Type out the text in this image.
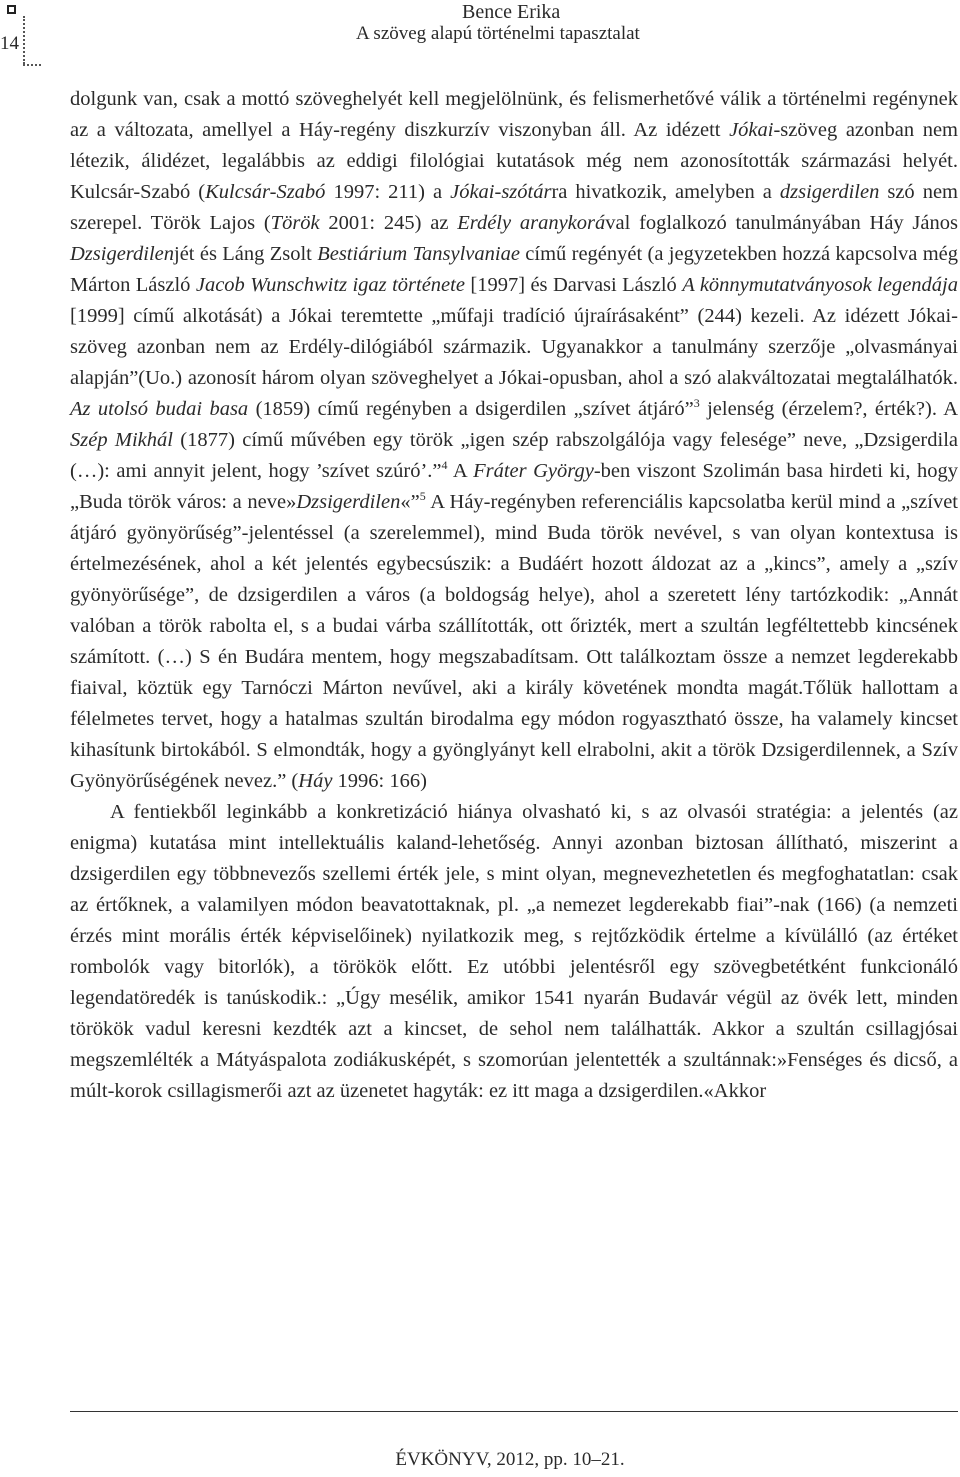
14
Bence Erika
A szöveg alapú történelmi tapasztalat

dolgunk van, csak a mottó szöveghelyét kell megjelölnünk, és felismerhetővé válik a történelmi regénynek az a változata, amellyel a Háy-regény diszkurzív viszonyban áll. Az idézett Jókai-szöveg azonban nem létezik, álidézet, legalábbis az eddigi filológiai kutatások még nem azonosították származási helyét. Kulcsár-Szabó (Kulcsár-Szabó 1997: 211) a Jókai-szótárra hivatkozik, amelyben a dzsigerdilen szó nem szerepel. Török Lajos (Török 2001: 245) az Erdély aranykorával foglalkozó tanulmányában Háy János Dzsigerdilenjét és Láng Zsolt Bestiárium Tansylvaniae című regényét (a jegyzetekben hozzá kapcsolva még Márton László Jacob Wunschwitz igaz története [1997] és Darvasi László A könnymutatványosok legendája [1999] című alkotását) a Jókai teremtette „műfaji tradíció újraírásaként” (244) kezeli. Az idézett Jókai-szöveg azonban nem az Erdély-dilógiából származik. Ugyanakkor a tanulmány szerzője „olvasmányai alapján”(Uo.) azonosít három olyan szöveghelyet a Jókai-opusban, ahol a szó alakváltozatai megtalálhatók. Az utolsó budai basa (1859) című regényben a dsigerdilen „szívet átjáró”$^3$ jelenség (érzelem?, érték?). A Szép Mikhál (1877) című művében egy török „igen szép rabszolgálója vagy felesége” neve, „Dzsigerdila (…): ami annyit jelent, hogy ’szívet szúró’.”$^4$ A Fráter György-ben viszont Szolimán basa hirdeti ki, hogy „Buda török város: a neve»Dzsigerdilen«”$^5$ A Háy-regényben referenciális kapcsolatba kerül mind a „szívet átjáró gyönyörűség”-jelentéssel (a szerelemmel), mind Buda török nevével, s van olyan kontextusa is értelmezésének, ahol a két jelentés egybecsúszik: a Budáért hozott áldozat az a „kincs”, amely a „szív gyönyörűsége”, de dzsigerdilen a város (a boldogság helye), ahol a szeretett lény tartózkodik: „Annát valóban a török rabolta el, s a budai várba szállították, ott őrizték, mert a szultán legféltettebb kincsének számított. (…) S én Budára mentem, hogy megszabadítsam. Ott találkoztam össze a nemzet legderekabb fiaival, köztük egy Tarnóczi Márton nevűvel, aki a király követének mondta magát.Tőlük hallottam a félelmetes tervet, hogy a hatalmas szultán birodalma egy módon rogyasztható össze, ha valamely kincset kihasítunk birtokából. S elmondták, hogy a gyönglyányt kell elrabolni, akit a török Dzsigerdilennek, a Szív Gyönyörűségének nevez.” (Háy 1996: 166)

A fentiekből leginkább a konkretizáció hiánya olvasható ki, s az olvasói stratégia: a jelentés (az enigma) kutatása mint intellektuális kaland-lehetőség. Annyi azonban biztosan állítható, miszerint a dzsigerdilen egy többnevezős szellemi érték jele, s mint olyan, megnevezhetetlen és megfoghatatlan: csak az értőknek, a valamilyen módon beavatottaknak, pl. „a nemezet legderekabb fiai”-nak (166) (a nemzeti érzés mint morális érték képviselőinek) nyilatkozik meg, s rejtőzködik értelme a kívülálló (az értéket rombolók vagy bitorlók), a törökök előtt. Ez utóbbi jelentésről egy szövegbetétként funkcionáló legendatöredék is tanúskodik.: „Úgy mesélik, amikor 1541 nyarán Budavár végül az övék lett, minden törökök vadul keresni kezdték azt a kincset, de sehol nem találhatták. Akkor a szultán csillagjósai megszemlélték a Mátyáspalota zodiákusképét, s szomorúan jelentették a szultánnak:»Fenséges és dicső, a múlt-korok csillagismerői azt az üzenetet hagyták: ez itt maga a dzsigerdilen.«Akkor

ÉVKÖNYV, 2012, pp. 10–21.
